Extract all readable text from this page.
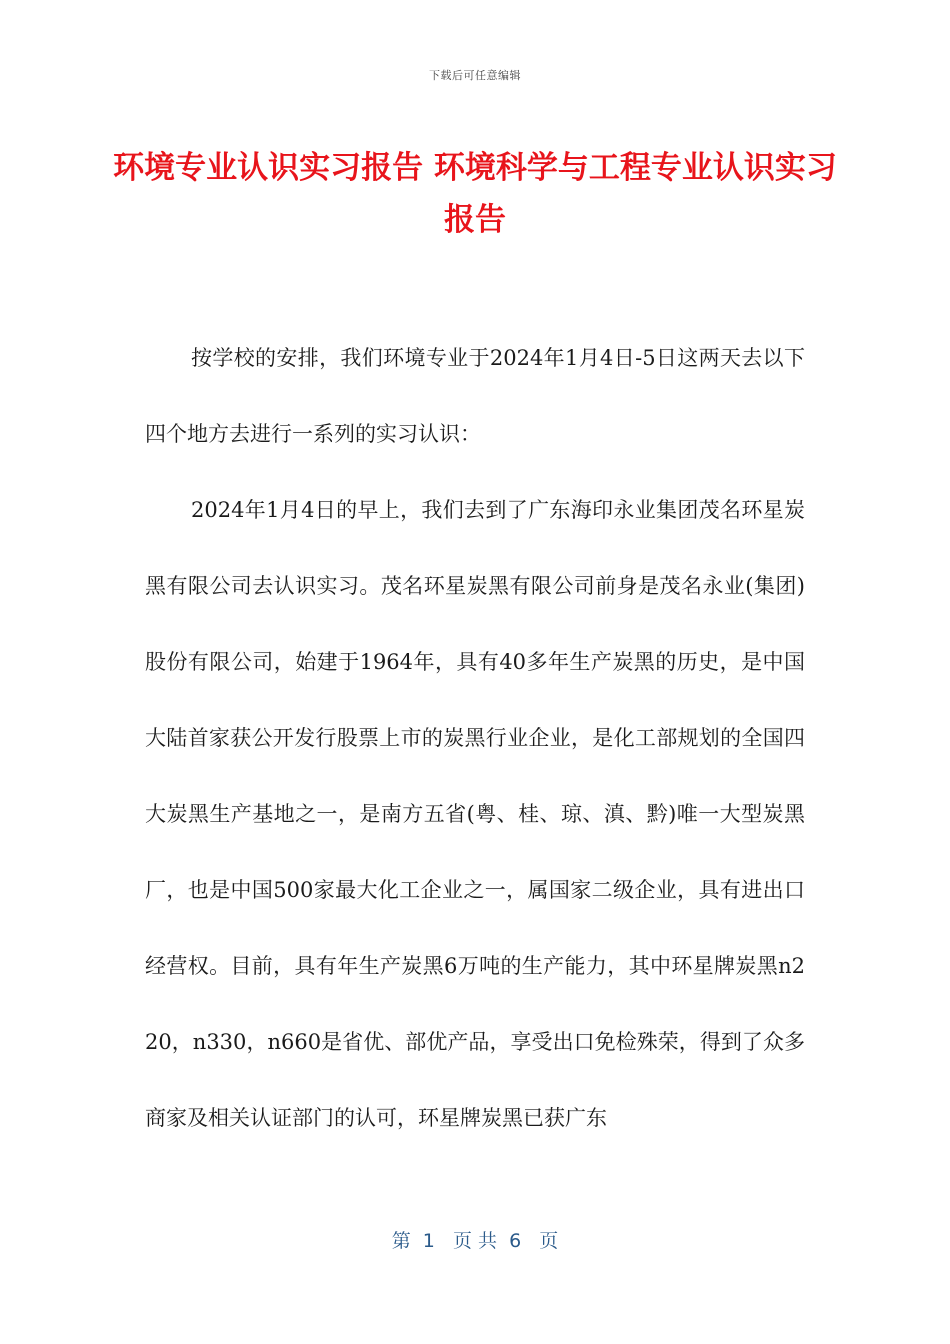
下载后可任意编辑
环境专业认识实习报告 环境科学与工程专业认识实习报告

按学校的安排，我们环境专业于2024年1月4日-5日这两天去以下四个地方去进行一系列的实习认识：

2024年1月4日的早上，我们去到了广东海印永业集团茂名环星炭黑有限公司去认识实习。茂名环星炭黑有限公司前身是茂名永业(集团)股份有限公司，始建于1964年，具有40多年生产炭黑的历史，是中国大陆首家获公开发行股票上市的炭黑行业企业，是化工部规划的全国四大炭黑生产基地之一，是南方五省(粤、桂、琼、滇、黔)唯一大型炭黑厂，也是中国500家最大化工企业之一，属国家二级企业，具有进出口经营权。目前，具有年生产炭黑6万吨的生产能力，其中环星牌炭黑n220，n330，n660是省优、部优产品，享受出口免检殊荣，得到了众多商家及相关认证部门的认可，环星牌炭黑已获广东

第  1   页 共  6   页
